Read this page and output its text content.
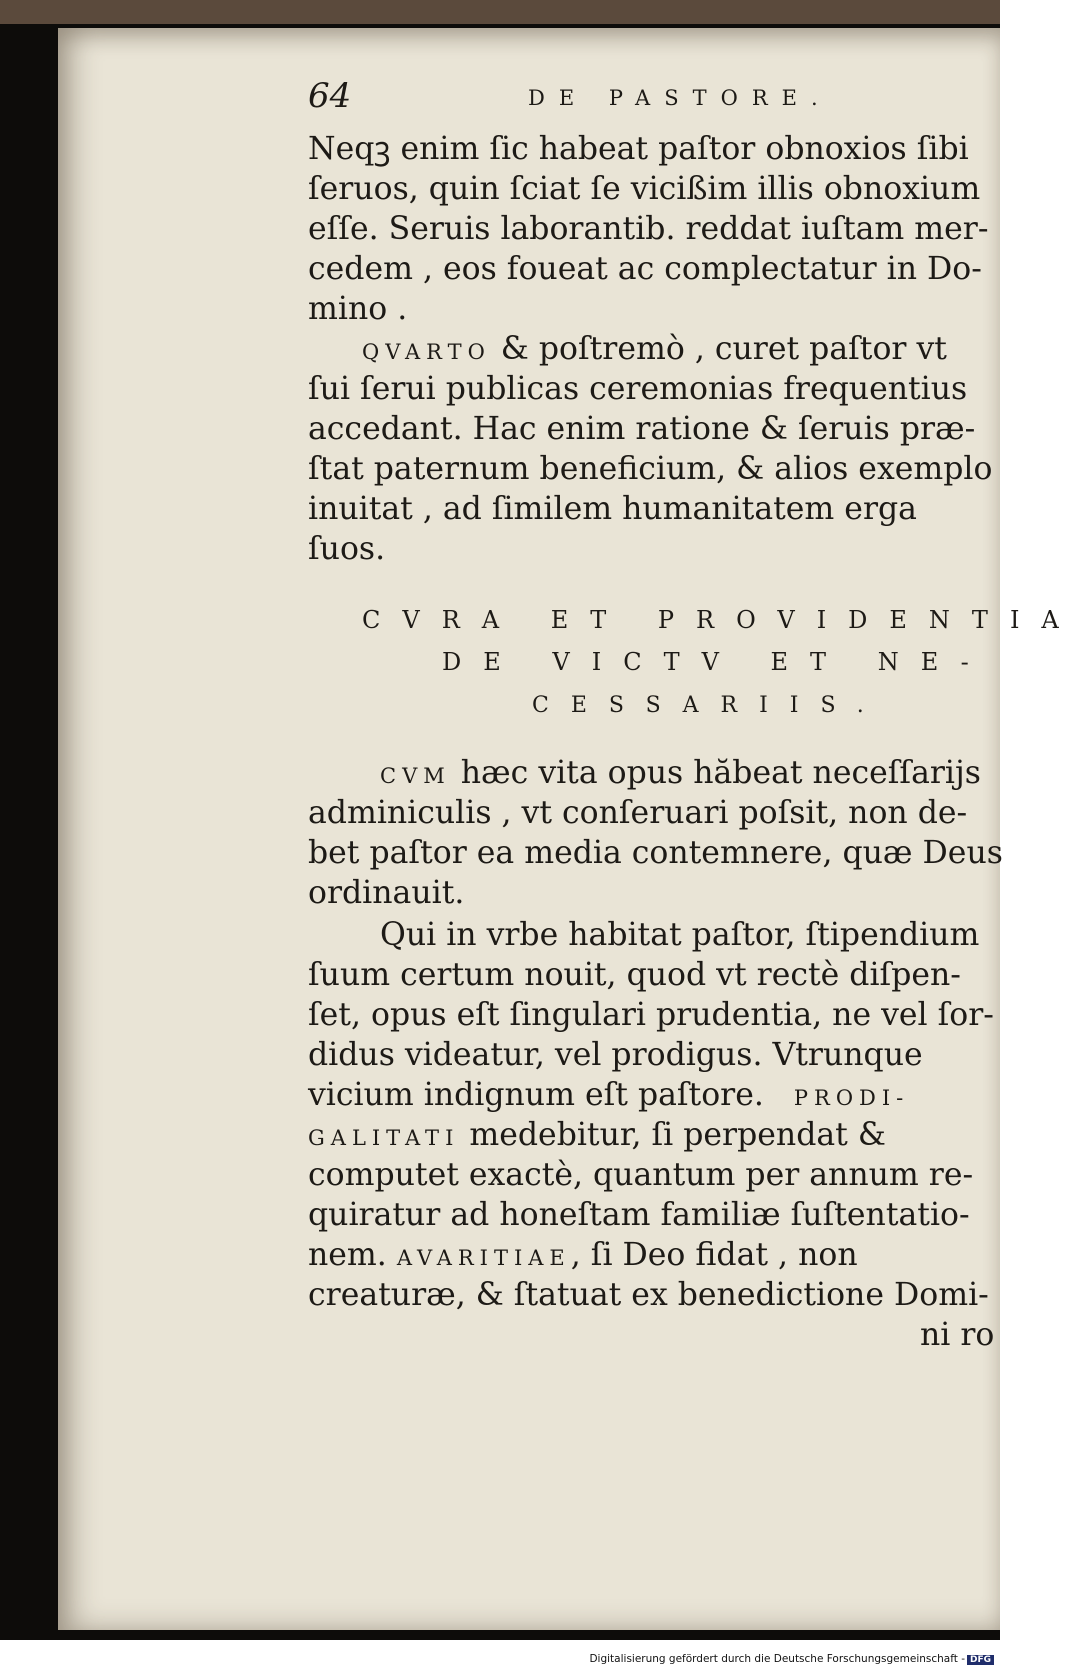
64	DE PASTORE.
Neqꝫ enim ſic habeat paſtor obnoxios ſibi
ſeruos, quin ſciat ſe vicißim illis obnoxium
eſſe. Seruis laborantib. reddat iuſtam mer-
cedem , eos foueat ac complectatur in Do-
mino .
QVARTO & poſtremò , curet paſtor vt
ſui ſerui publicas ceremonias frequentius
accedant. Hac enim ratione & ſeruis præ-
ſtat paternum beneficium, & alios exemplo
inuitat , ad ſimilem humanitatem erga
ſuos.
CVRA ET PROVIDENTIA
DE VICTV ET NE-
CESSARIIS.
CVM hæc vita opus hăbeat neceſſarijs
adminiculis , vt conſeruari poſsit, non de-
bet paſtor ea media contemnere, quæ Deus
ordinauit.
Qui in vrbe habitat paſtor, ſtipendium
ſuum certum nouit, quod vt rectè diſpen-
ſet, opus eſt ſingulari prudentia, ne vel ſor-
didus videatur, vel prodigus. Vtrunque
vicium indignum eſt paſtore. PRODI-
GALITATI medebitur, ſi perpendat &
computet exactè, quantum per annum re-
quiratur ad honeſtam familiæ ſuſtentatio-
nem. AVARITIAE, ſi Deo fidat , non
creaturæ, & ſtatuat ex benedictione Domi-
ni ro
Digitalisierung gefördert durch die Deutsche Forschungsgemeinschaft - DFG
